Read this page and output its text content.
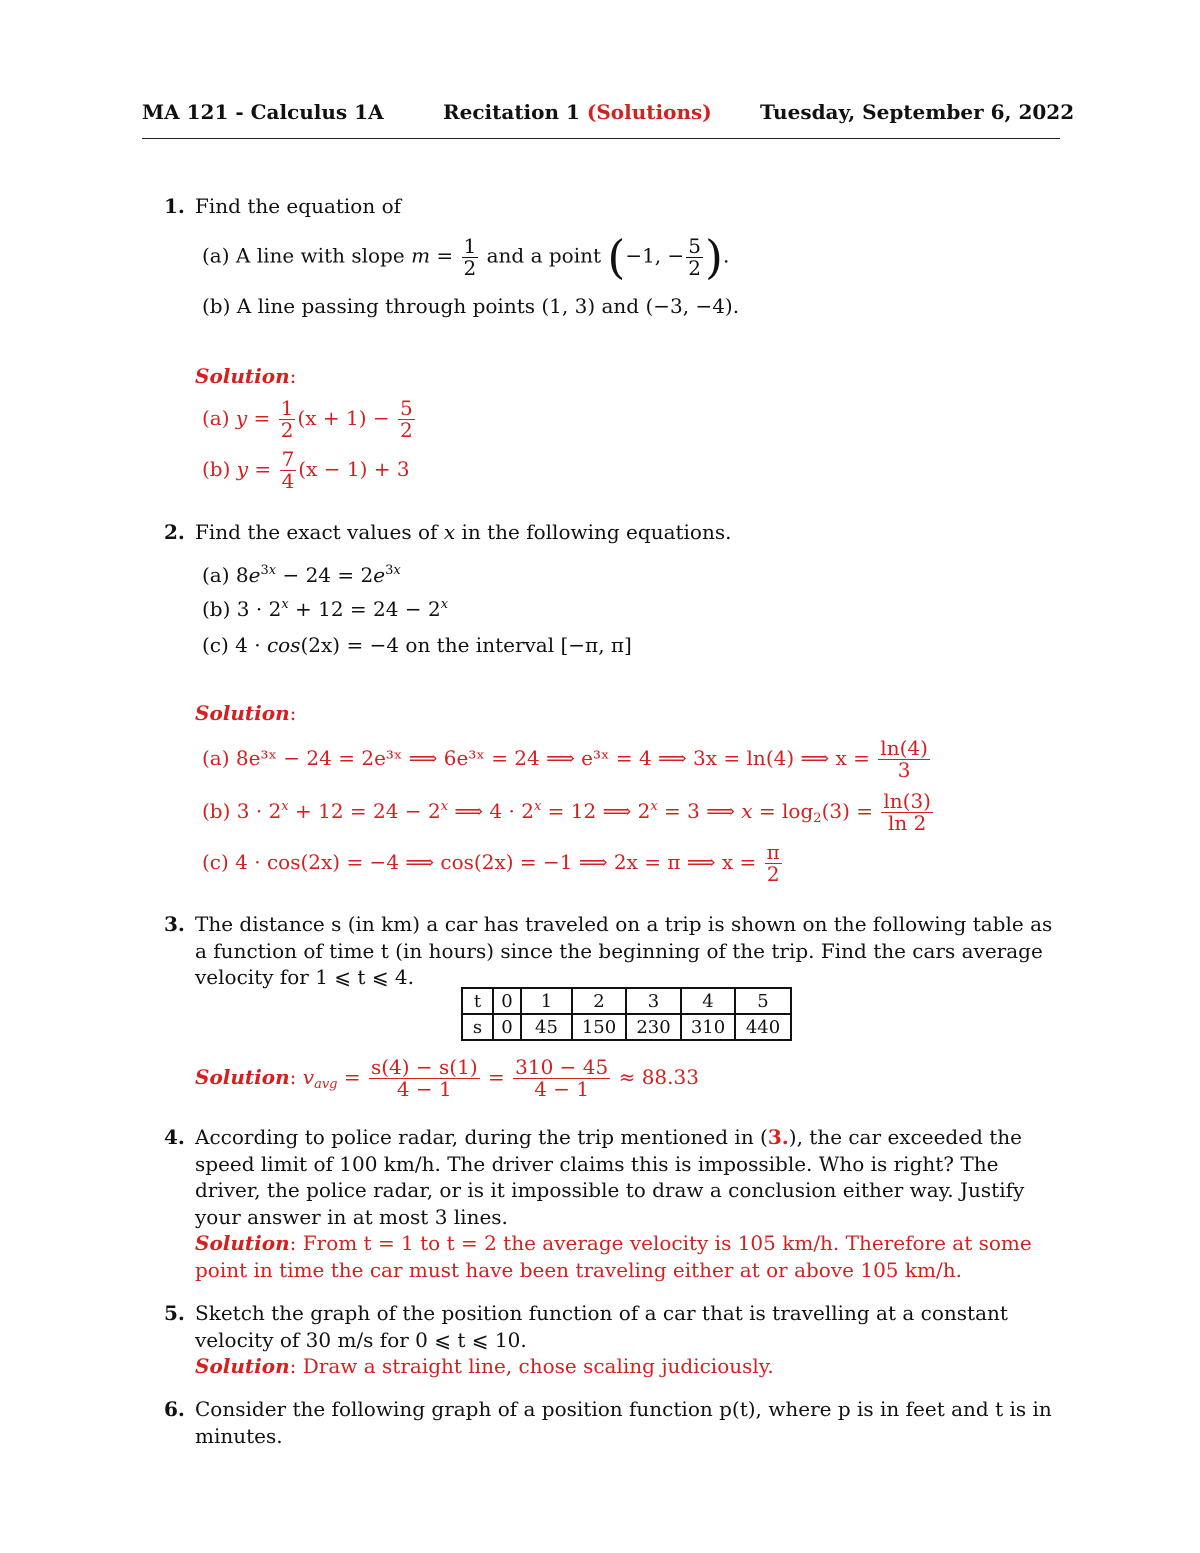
MA 121 - Calculus 1A	Recitation 1 (Solutions) Tuesday, September 6, 2022
1. Find the equation of
(a) A line with slope $m = \frac{1}{2}$ and a point (−1, − $\frac{5}{2}$ ).
(b) A line passing through points (1, 3) and (−3, −4).
Solution:
(a) $y = \frac{1}{2} (x + 1) - \frac{5}{2}$
(b) $y = \frac{7}{4} (x - 1) + 3$
2. Find the exact values of x in the following equations.
(a) $8e^{3x} - 24 = 2e^{3x}$
(b) $3 \cdot 2^x + 12 = 24 - 2^x$
(c) 4 · cos(2x) = −4 on the interval [−π, π]
Solution:
(a) 8e³ˣ − 24 = 2e³ˣ ⟹ 6e³ˣ = 24 ⟹ e³ˣ = 4 ⟹ 3x = ln(4) ⟹ $x = \frac{\ln(4)}{3}$
(b) $3 \cdot 2^x + 12 = 24 - 2^x$ ⟹ $4 \cdot 2^x = 12$ ⟹ $2^x = 3$ ⟹ $x = \log_2(3) = \frac{\ln(3)}{\ln 2}$
(c) 4 · cos(2x) = −4 ⟹ cos(2x) = −1 ⟹ 2x = π ⟹ $x = \frac{\pi}{2}$
3. The distance s (in km) a car has traveled on a trip is shown on the following table as a function of time t (in hours) since the beginning of the trip. Find the cars average velocity for 1 ⩽ t ⩽ 4.
t	0	1	2	3	4	5
s	0	45	150	230	310	440
Solution: $v_{avg} = \frac{s(4) - s(1)}{4 - 1} = \frac{310 - 45}{4 - 1} \approx 88.33$
4. According to police radar, during the trip mentioned in (3.), the car exceeded the speed limit of 100 km/h. The driver claims this is impossible. Who is right? The driver, the police radar, or is it impossible to draw a conclusion either way. Justify your answer in at most 3 lines.
Solution: From t = 1 to t = 2 the average velocity is 105 km/h. Therefore at some point in time the car must have been traveling either at or above 105 km/h.
5. Sketch the graph of the position function of a car that is travelling at a constant velocity of 30 m/s for 0 ⩽ t ⩽ 10.
Solution: Draw a straight line, chose scaling judiciously.
6. Consider the following graph of a position function p(t), where p is in feet and t is in minutes.
